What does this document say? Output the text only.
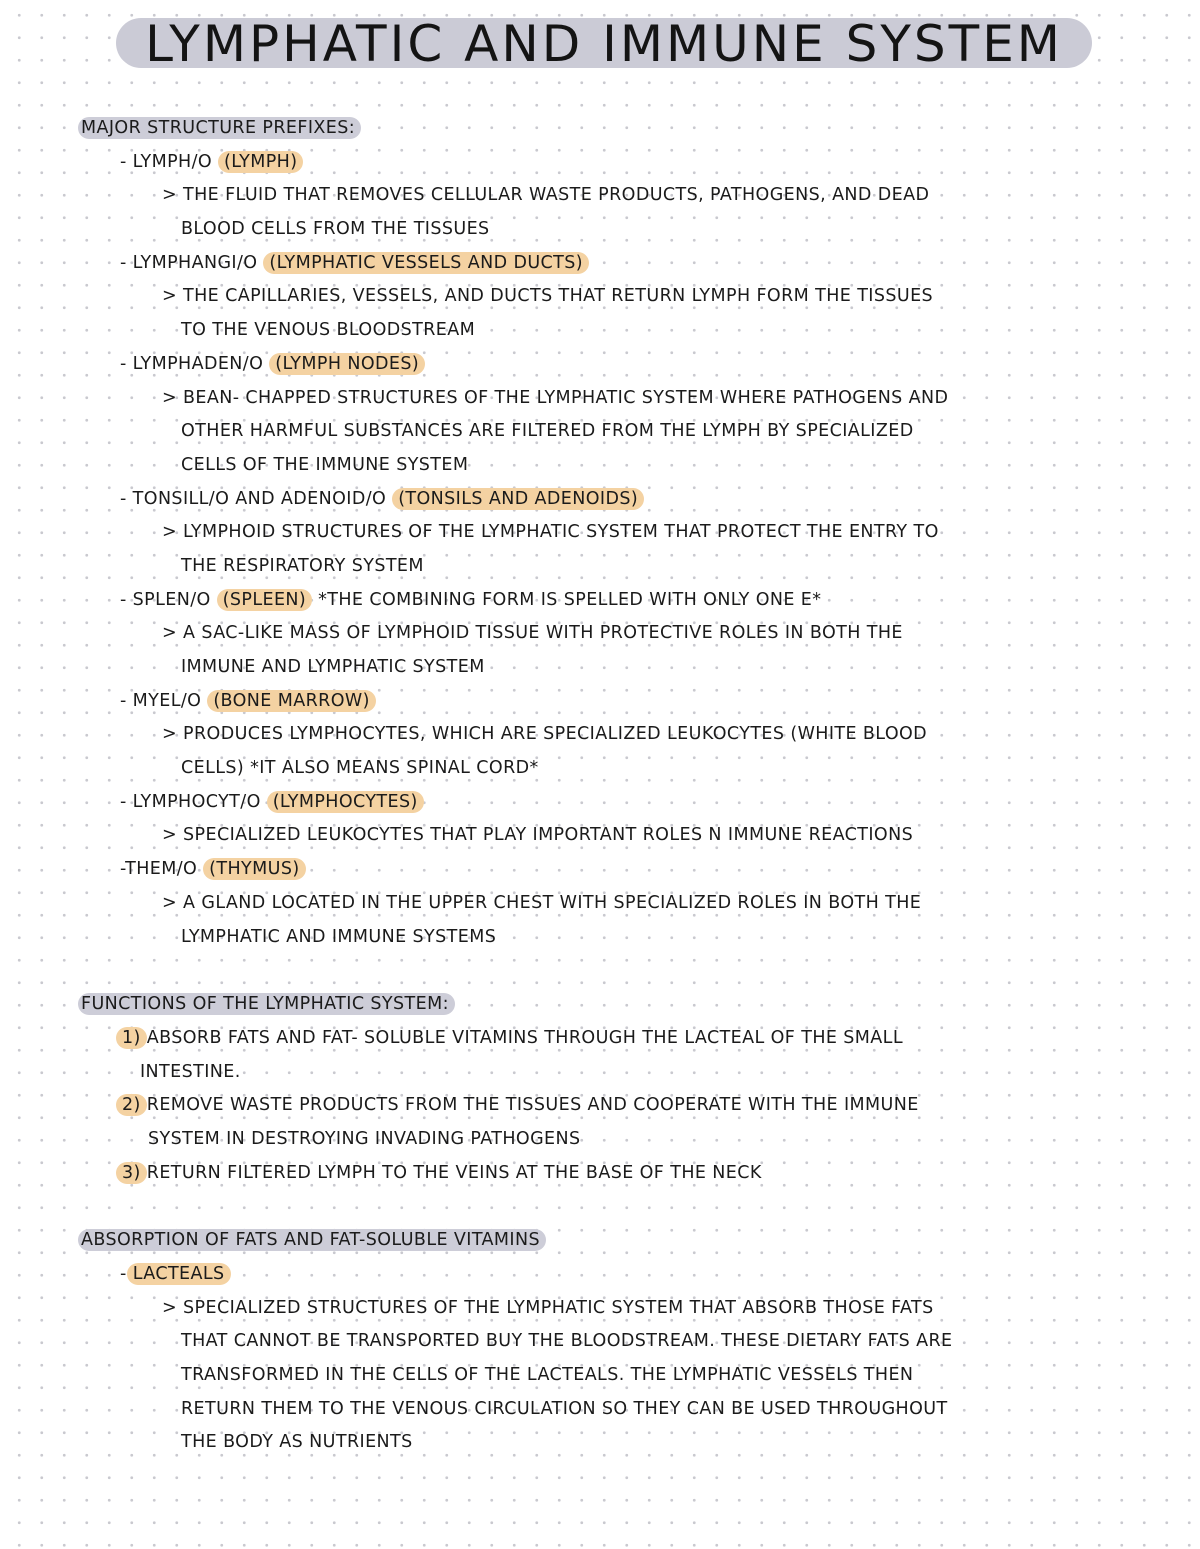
LYMPHATIC AND IMMUNE SYSTEM
MAJOR STRUCTURE PREFIXES:
- LYMPH/O (LYMPH)
> THE FLUID THAT REMOVES CELLULAR WASTE PRODUCTS, PATHOGENS, AND DEAD
BLOOD CELLS FROM THE TISSUES
- LYMPHANGI/O (LYMPHATIC VESSELS AND DUCTS)
> THE CAPILLARIES, VESSELS, AND DUCTS THAT RETURN LYMPH FORM THE TISSUES
TO THE VENOUS BLOODSTREAM
- LYMPHADEN/O (LYMPH NODES)
> BEAN- CHAPPED STRUCTURES OF THE LYMPHATIC SYSTEM WHERE PATHOGENS AND
OTHER HARMFUL SUBSTANCES ARE FILTERED FROM THE LYMPH BY SPECIALIZED
CELLS OF THE IMMUNE SYSTEM
- TONSILL/O AND ADENOID/O (TONSILS AND ADENOIDS)
> LYMPHOID STRUCTURES OF THE LYMPHATIC SYSTEM THAT PROTECT THE ENTRY TO
THE RESPIRATORY SYSTEM
- SPLEN/O (SPLEEN) *THE COMBINING FORM IS SPELLED WITH ONLY ONE E*
> A SAC-LIKE MASS OF LYMPHOID TISSUE WITH PROTECTIVE ROLES IN BOTH THE
IMMUNE AND LYMPHATIC SYSTEM
- MYEL/O (BONE MARROW)
> PRODUCES LYMPHOCYTES, WHICH ARE SPECIALIZED LEUKOCYTES (WHITE BLOOD
CELLS) *IT ALSO MEANS SPINAL CORD*
- LYMPHOCYT/O (LYMPHOCYTES)
> SPECIALIZED LEUKOCYTES THAT PLAY IMPORTANT ROLES N IMMUNE REACTIONS
-THEM/O (THYMUS)
> A GLAND LOCATED IN THE UPPER CHEST WITH SPECIALIZED ROLES IN BOTH THE
LYMPHATIC AND IMMUNE SYSTEMS
FUNCTIONS OF THE LYMPHATIC SYSTEM:
1) ABSORB FATS AND FAT- SOLUBLE VITAMINS THROUGH THE LACTEAL OF THE SMALL
INTESTINE.
2) REMOVE WASTE PRODUCTS FROM THE TISSUES AND COOPERATE WITH THE IMMUNE
SYSTEM IN DESTROYING INVADING PATHOGENS
3) RETURN FILTERED LYMPH TO THE VEINS AT THE BASE OF THE NECK
ABSORPTION OF FATS AND FAT-SOLUBLE VITAMINS
- LACTEALS
> SPECIALIZED STRUCTURES OF THE LYMPHATIC SYSTEM THAT ABSORB THOSE FATS
THAT CANNOT BE TRANSPORTED BUY THE BLOODSTREAM. THESE DIETARY FATS ARE
TRANSFORMED IN THE CELLS OF THE LACTEALS. THE LYMPHATIC VESSELS THEN
RETURN THEM TO THE VENOUS CIRCULATION SO THEY CAN BE USED THROUGHOUT
THE BODY AS NUTRIENTS
